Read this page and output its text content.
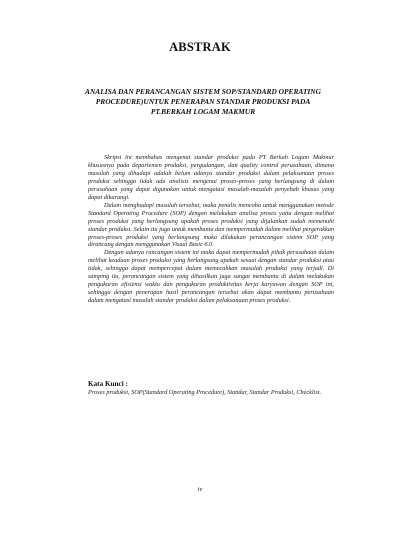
ABSTRAK
ANALISA DAN PERANCANGAN SISTEM SOP/STANDARD OPERATING
PROCEDURE)UNTUK PENERAPAN STANDAR PRODUKSI PADA
PT.BERKAH LOGAM MAKMUR

Skripsi ini membahas mengenai standar produksi pada PT Berkah Logam Makmur khususnya pada departemen produksi, pergudangan, dan quality control perusahaan, dimana masalah yang dihadapi adalah belum adanya standar produksi dalam pelaksanaan proses produksi sehingga tidak ada analisis mengenai proses-proses yang berlangsung di dalam perusahaan yang dapat digunakan untuk mengatasi masalah-masalah penyebab khusus yang dapat dikurangi.

Dalam menghadapi masalah tersebut, maka penulis mencoba untuk menggunakan metode Standard Operating Procedure (SOP) dengan melakukan analisa proses yaitu dengan melihat proses produksi yang berlangsung apakah proses produksi yang dijalankan sudah memenuhi standar produksi. Selain itu juga untuk membantu dan mempermudah dalam melihat pergerakkan proses-proses produksi yang berlangsung maka dilakukan perancangan sistem SOP yang dirancang dengan menggunakan Visual Basic 6.0.

Dengan adanya rancangan sistem ini maka dapat mempermudah pihak perusahaan dalam melihat keadaan proses produksi yang berlangsung apakah sesuai dengan standar produksi atau tidak, sehingga dapat mempercepat dalam memecahkan masalah produksi yang terjadi. Di samping itu, perancangan sistem yang dihasilkan juga sangat membantu di dalam melakukan pengukuran efisiensi waktu dan pengukuran produktivitas kerja karyawan dengan SOP ini, sehingga dengan penerapan hasil perancangan tersebut akan dapat membantu perusahaan dalam mengatasi masalah standar produksi dalam pelaksanaan proses produksi.

Kata Kunci :
Proses produksi, SOP(Standard Operating Procedure), Standar, Standar Produksi, Checklist.
iv
